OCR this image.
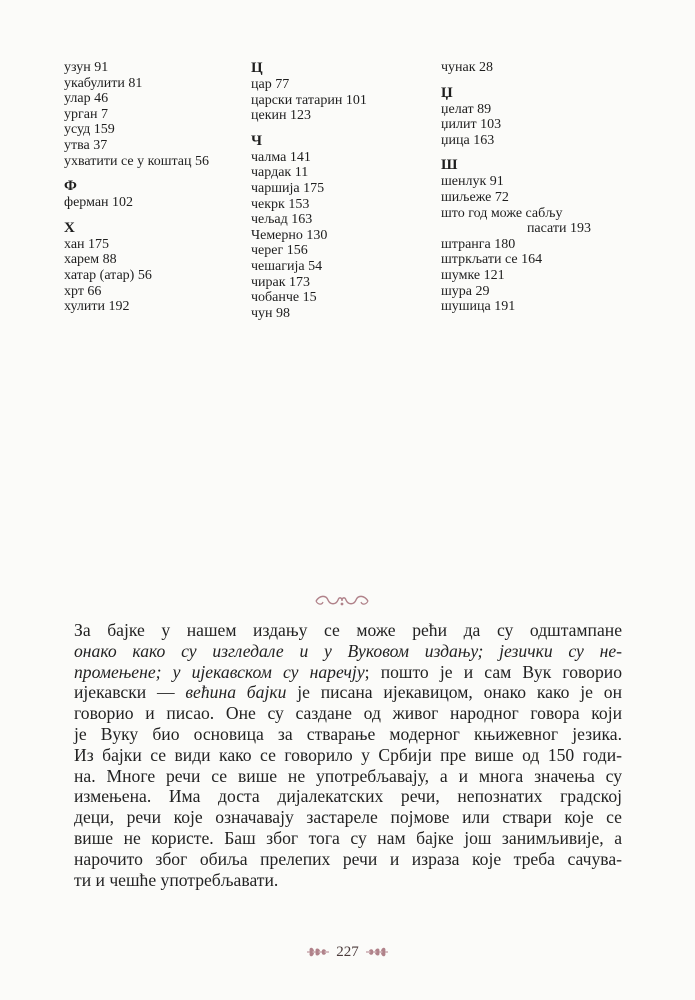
узун 91
укабулити 81
улар 46
урган 7
усуд 159
утва 37
ухватити се у коштац 56
Ф
ферман 102
Х
хан 175
харем 88
хатар (атар) 56
хрт 66
хулити 192
Ц
цар 77
царски татарин 101
цекин 123
Ч
чалма 141
чардак 11
чаршија 175
чекрк 153
чељад 163
Чемерно 130
черег 156
чешагија 54
чирак 173
чобанче 15
чун 98
чунак 28
Џ
џелат 89
џилит 103
џица 163
Ш
шенлук 91
шиљеже 72
што год може сабљу
пасати 193
штранга 180
штркљати се 164
шумке 121
шура 29
шушица 191
За бајке у нашем издању се може рећи да су одштампане
онако како су изгледале и у Вуковом издању; језички су не-
промењене; у ијекавском су наречју; пошто је и сам Вук говорио
ијекавски — већина бајки је писана ијекавицом, онако како је он
говорио и писао. Оне су саздане од живог народног говора који
је Вуку био основица за стварање модерног књижевног језика.
Из бајки се види како се говорило у Србији пре више од 150 годи-
на. Многе речи се више не употребљавају, а и многа значења су
измењена. Има доста дијалекатских речи, непознатих градској
деци, речи које означавају застареле појмове или ствари које се
више не користе. Баш због тога су нам бајке још занимљивије, а
нарочито због обиља прелепих речи и израза које треба сачува-
ти и чешће употребљавати.
227
